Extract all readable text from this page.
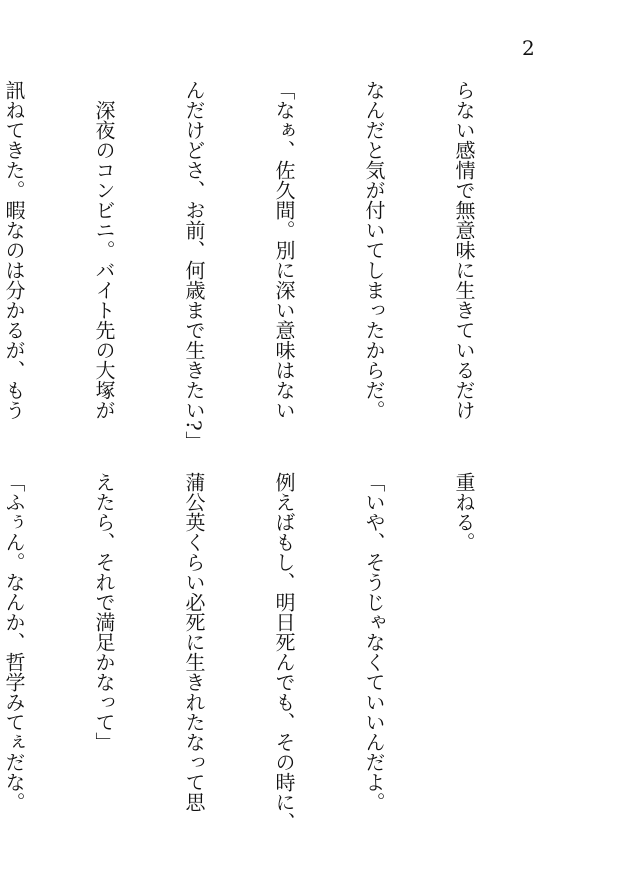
2

らない感情で無意味に生きているだけ

なんだと気が付いてしまったからだ。

「なぁ、佐久間。別に深い意味はない

んだけどさ、お前、何歳まで生きたい?」

　深夜のコンビニ。バイト先の大塚が

訊ねてきた。暇なのは分かるが、もう

重ねる。

「いや、そうじゃなくていいんだよ。

例えばもし、明日死んでも、その時に、

蒲公英くらい必死に生きれたなって思

えたら、それで満足かなって」

「ふぅん。なんか、哲学みてぇだな。
